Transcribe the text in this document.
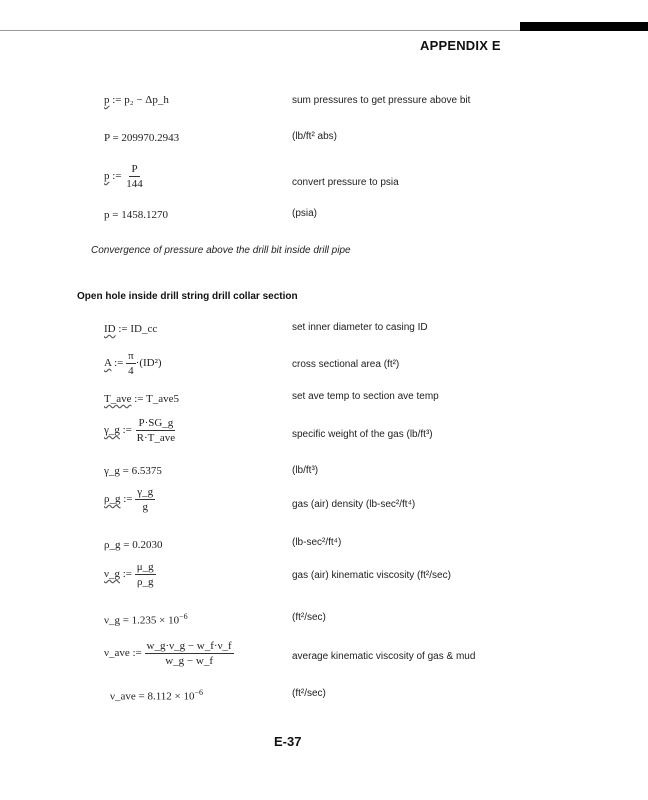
APPENDIX E
p := p₂ − Δp_h	sum pressures to get pressure above bit
P = 209970.2943	(lb/ft² abs)
p := $\frac{P}{144}$	convert pressure to psia
p = 1458.1270	(psia)
Convergence of pressure above the drill bit inside drill pipe
Open hole inside drill string drill collar section
ID := ID_cc	set inner diameter to casing ID
A := $\frac{\pi}{4} \cdot(ID^2)$	cross sectional area (ft²)
T_ave := T_ave5	set ave temp to section ave temp
γ_g := $\frac{P\cdot SG\_g}{\text{R·T\_ave}}$	specific weight of the gas (lb/ft³)
γ_g = 6.5375	(lb/ft³)
ρ_g := $\frac{\gamma\_g}{g}$	gas (air) density (lb-sec²/ft⁴)
ρ_g = 0.2030	(lb-sec²/ft⁴)
ν_g := $\frac{\mu\_g}{\rho\_g}$	gas (air) kinematic viscosity (ft²/sec)
ν_g = $1.235 \times 10^{-6}$	(ft²/sec)
ν_ave := $\frac{w\_g\cdot\nu\_g - w\_f\cdot\nu\_f}{w\_g - w\_f}$	average kinematic viscosity of gas & mud
ν_ave = $8.112 \times 10^{-6}$	(ft²/sec)
E-37
